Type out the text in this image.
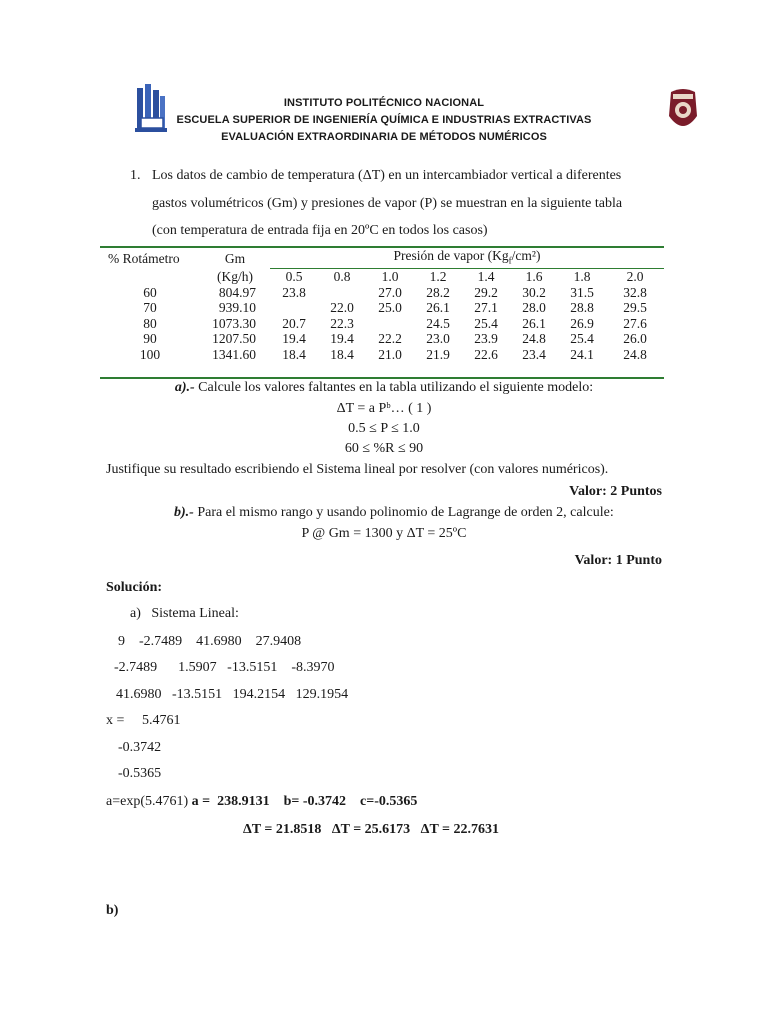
INSTITUTO POLITÉCNICO NACIONAL
ESCUELA SUPERIOR DE INGENIERÍA QUÍMICA E INDUSTRIAS EXTRACTIVAS
EVALUACIÓN EXTRAORDINARIA DE MÉTODOS NUMÉRICOS
1. Los datos de cambio de temperatura (ΔT) en un intercambiador vertical a diferentes
gastos volumétricos (Gm) y presiones de vapor (P) se muestran en la siguiente tabla
(con temperatura de entrada fija en 20ºC en todos los casos)
% Rotámetro	Gm	Presión de vapor $(Kg_f/cm^2)$							
	(Kg/h)	0.5	0.8	1.0	1.2	1.4	1.6	1.8	2.0
60	804.97	23.8		27.0	28.2	29.2	30.2	31.5	32.8
70	939.10		22.0	25.0	26.1	27.1	28.0	28.8	29.5
80	1073.30	20.7	22.3		24.5	25.4	26.1	26.9	27.6
90	1207.50	19.4	19.4	22.2	23.0	23.9	24.8	25.4	26.0
100	1341.60	18.4	18.4	21.0	21.9	22.6	23.4	24.1	24.8
a).- Calcule los valores faltantes en la tabla utilizando el siguiente modelo:
ΔT = a Pᵇ… ( 1 )
0.5 ≤ P ≤ 1.0
60 ≤ %R ≤ 90
Justifique su resultado escribiendo el Sistema lineal por resolver (con valores numéricos).
Valor: 2 Puntos
b).- Para el mismo rango y usando polinomio de Lagrange de orden 2, calcule:
P @ Gm = 1300 y ΔT = 25ºC
Valor: 1 Punto
Solución:
a)   Sistema Lineal:
9    -2.7489    41.6980    27.9408
-2.7489      1.5907   -13.5151    -8.3970
41.6980   -13.5151   194.2154   129.1954
x = 5.4761
-0.3742
-0.5365
a=exp(5.4761) a =  238.9131    b= -0.3742    c=-0.5365
ΔT = 21.8518   ΔT = 25.6173   ΔT = 22.7631
b)
